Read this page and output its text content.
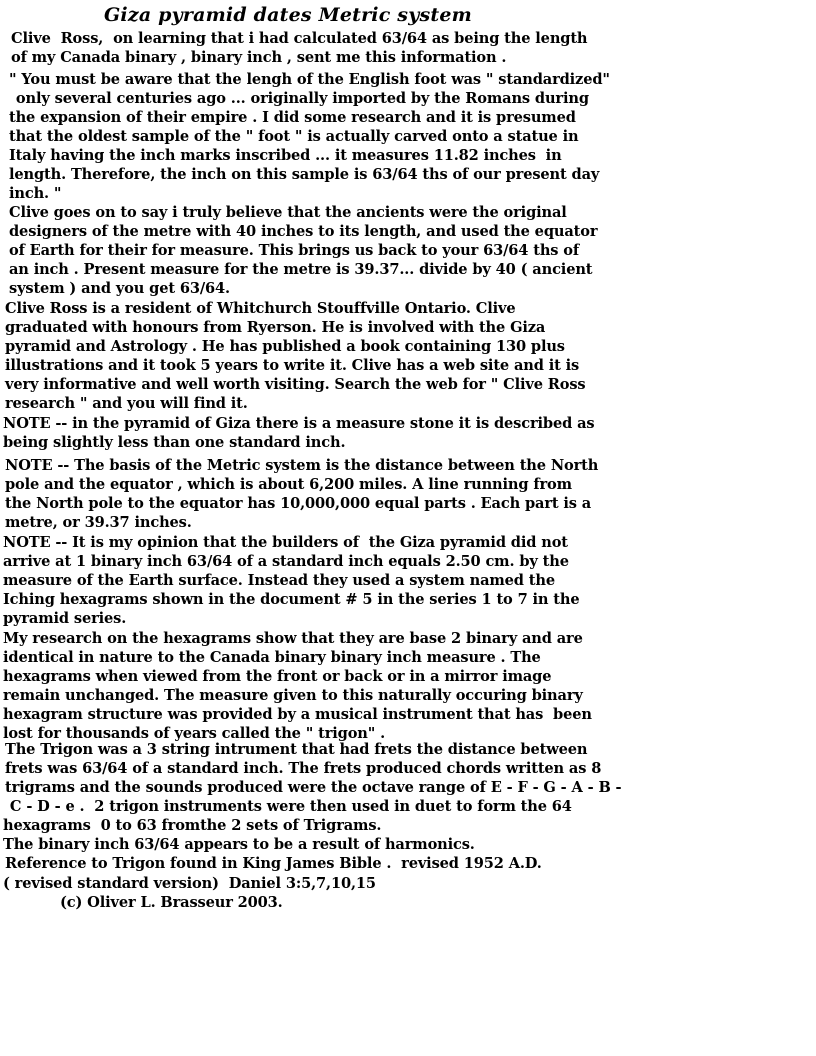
Giza pyramid dates Metric system
Clive  Ross,  on learning that i had calculated 63/64 as being the length
of my Canada binary , binary inch , sent me this information .
" You must be aware that the lengh of the English foot was " standardized"
only several centuries ago ... originally imported by the Romans during
the expansion of their empire . I did some research and it is presumed
that the oldest sample of the " foot " is actually carved onto a statue in
Italy having the inch marks inscribed ... it measures 11.82 inches  in
length. Therefore, the inch on this sample is 63/64 ths of our present day
inch. "
Clive goes on to say i truly believe that the ancients were the original
designers of the metre with 40 inches to its length, and used the equator
of Earth for their for measure. This brings us back to your 63/64 ths of
an inch . Present measure for the metre is 39.37... divide by 40 ( ancient
system ) and you get 63/64.
Clive Ross is a resident of Whitchurch Stouffville Ontario. Clive
graduated with honours from Ryerson. He is involved with the Giza
pyramid and Astrology . He has published a book containing 130 plus
illustrations and it took 5 years to write it. Clive has a web site and it is
very informative and well worth visiting. Search the web for " Clive Ross
research " and you will find it.
NOTE -- in the pyramid of Giza there is a measure stone it is described as
being slightly less than one standard inch.
NOTE -- The basis of the Metric system is the distance between the North
pole and the equator , which is about 6,200 miles. A line running from
the North pole to the equator has 10,000,000 equal parts . Each part is a
metre, or 39.37 inches.
NOTE -- It is my opinion that the builders of  the Giza pyramid did not
arrive at 1 binary inch 63/64 of a standard inch equals 2.50 cm. by the
measure of the Earth surface. Instead they used a system named the
Iching hexagrams shown in the document # 5 in the series 1 to 7 in the
pyramid series.
My research on the hexagrams show that they are base 2 binary and are
identical in nature to the Canada binary binary inch measure . The
hexagrams when viewed from the front or back or in a mirror image
remain unchanged. The measure given to this naturally occuring binary
hexagram structure was provided by a musical instrument that has  been
lost for thousands of years called the " trigon" .
The Trigon was a 3 string intrument that had frets the distance between
frets was 63/64 of a standard inch. The frets produced chords written as 8
trigrams and the sounds produced were the octave range of E - F - G - A - B -
C - D - e .  2 trigon instruments were then used in duet to form the 64
hexagrams  0 to 63 fromthe 2 sets of Trigrams.
The binary inch 63/64 appears to be a result of harmonics.
Reference to Trigon found in King James Bible .  revised 1952 A.D.
( revised standard version)  Daniel 3:5,7,10,15
(c) Oliver L. Brasseur 2003.
